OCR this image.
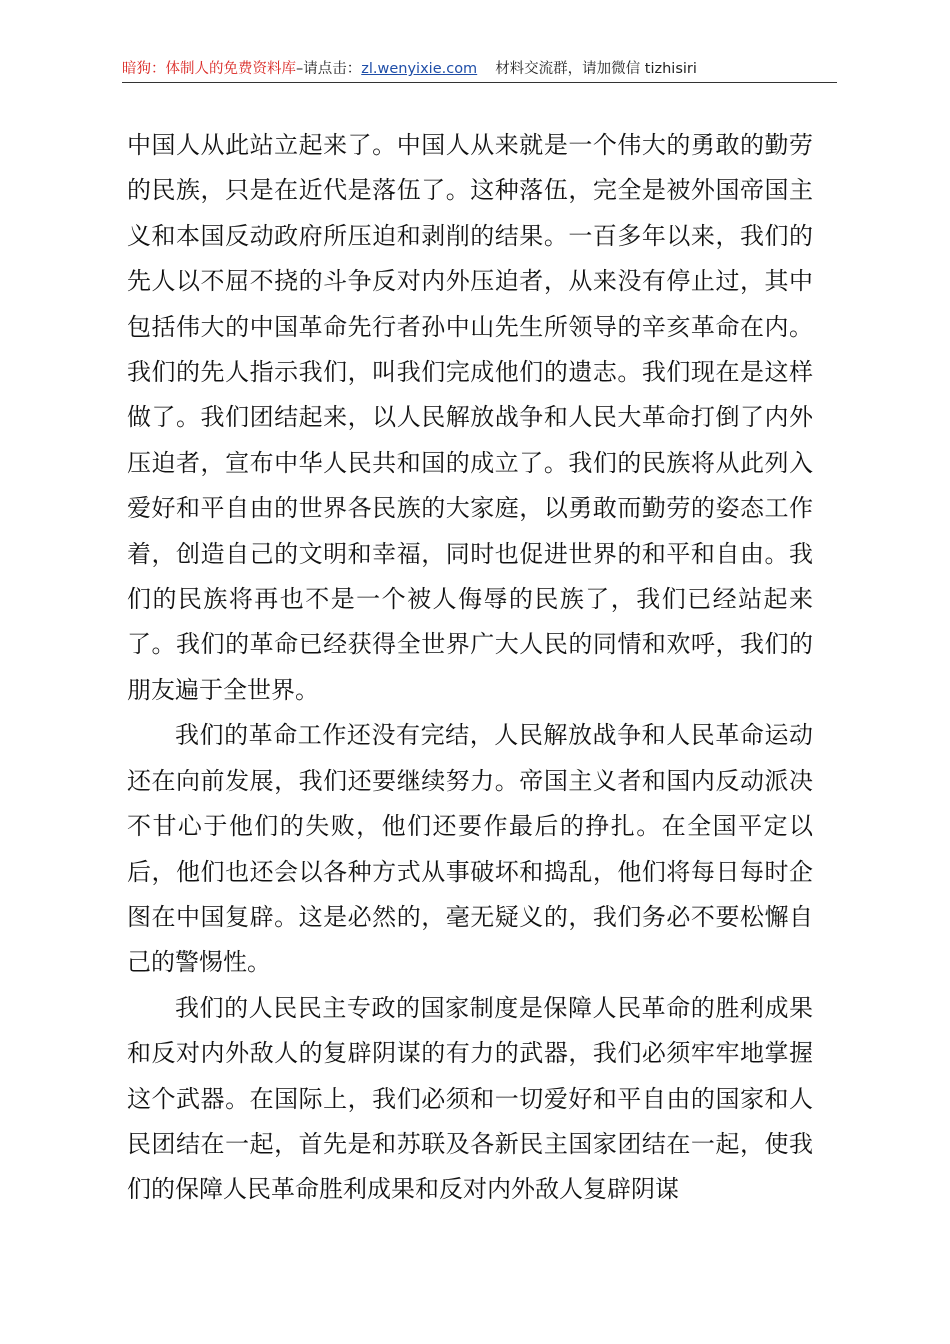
暗狗：体制人的免费资料库–请点击：zl.wenyixie.com 材料交流群，请加微信 tizhisiri

中国人从此站立起来了。中国人从来就是一个伟大的勇敢的勤劳的民族，只是在近代是落伍了。这种落伍，完全是被外国帝国主义和本国反动政府所压迫和剥削的结果。一百多年以来，我们的先人以不屈不挠的斗争反对内外压迫者，从来没有停止过，其中包括伟大的中国革命先行者孙中山先生所领导的辛亥革命在内。我们的先人指示我们，叫我们完成他们的遗志。我们现在是这样做了。我们团结起来，以人民解放战争和人民大革命打倒了内外压迫者，宣布中华人民共和国的成立了。我们的民族将从此列入爱好和平自由的世界各民族的大家庭，以勇敢而勤劳的姿态工作着，创造自己的文明和幸福，同时也促进世界的和平和自由。我们的民族将再也不是一个被人侮辱的民族了，我们已经站起来了。我们的革命已经获得全世界广大人民的同情和欢呼，我们的朋友遍于全世界。

我们的革命工作还没有完结，人民解放战争和人民革命运动还在向前发展，我们还要继续努力。帝国主义者和国内反动派决不甘心于他们的失败，他们还要作最后的挣扎。在全国平定以后，他们也还会以各种方式从事破坏和捣乱，他们将每日每时企图在中国复辟。这是必然的，毫无疑义的，我们务必不要松懈自己的警惕性。

我们的人民民主专政的国家制度是保障人民革命的胜利成果和反对内外敌人的复辟阴谋的有力的武器，我们必须牢牢地掌握这个武器。在国际上，我们必须和一切爱好和平自由的国家和人民团结在一起，首先是和苏联及各新民主国家团结在一起，使我们的保障人民革命胜利成果和反对内外敌人复辟阴谋
